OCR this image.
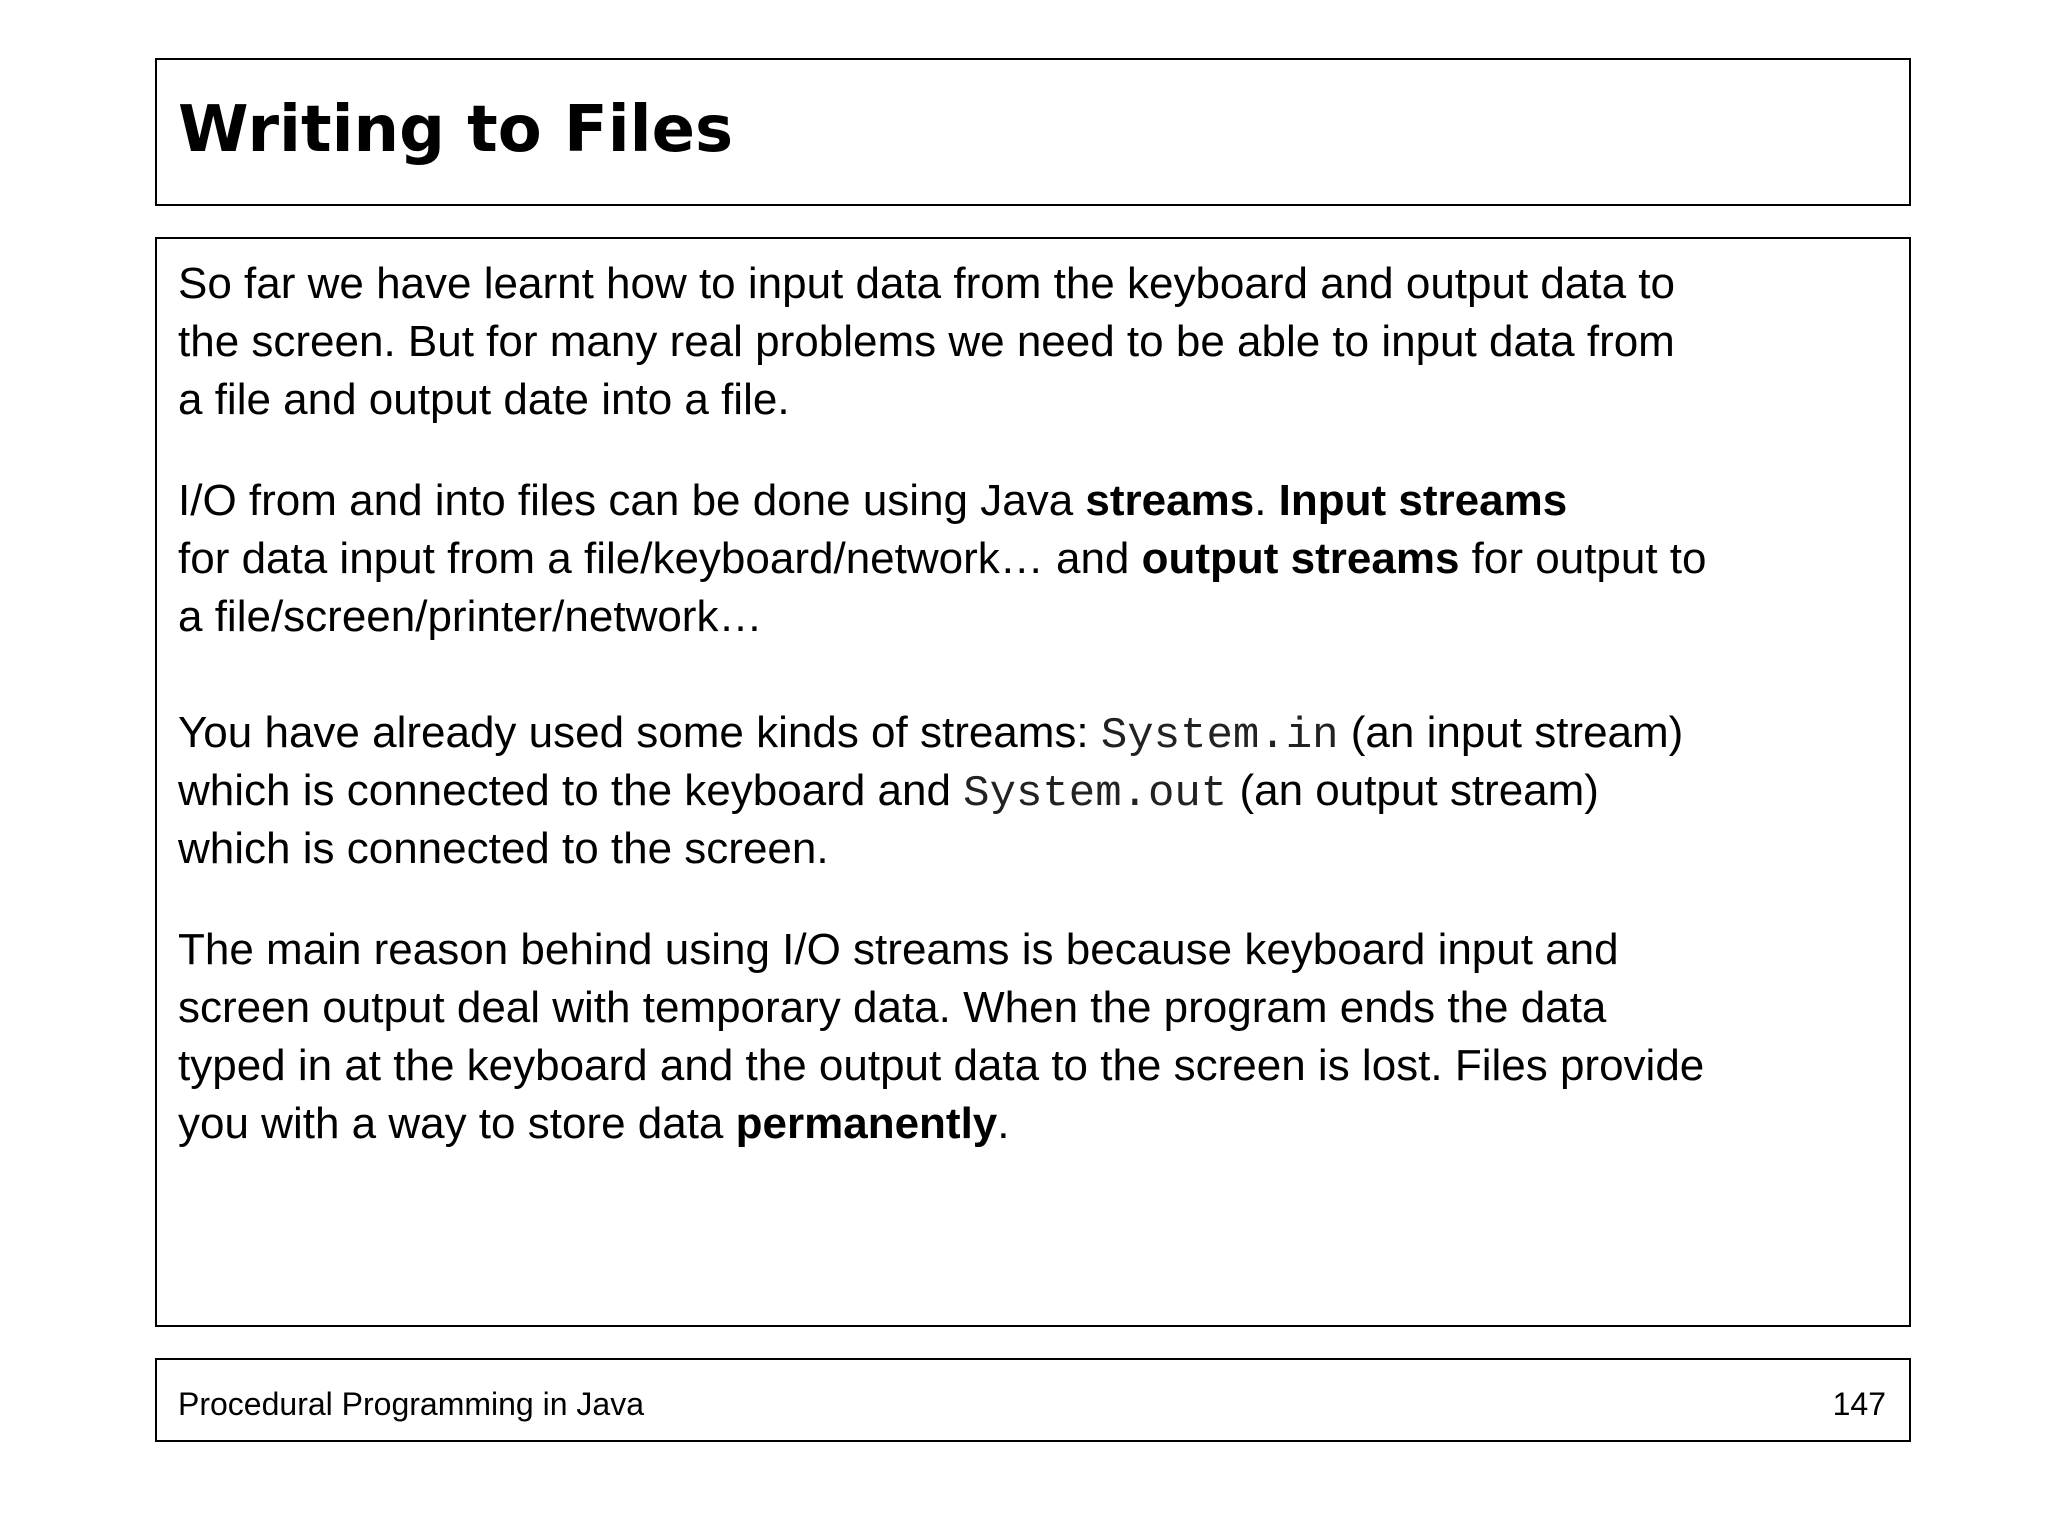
Writing to Files

So far we have learnt how to input data from the keyboard and output data to
the screen. But for many real problems we need to be able to input data from
a file and output date into a file.

I/O from and into files can be done using Java streams. Input streams
for data input from a file/keyboard/network… and output streams for output to
a file/screen/printer/network…

You have already used some kinds of streams: System.in (an input stream)
which is connected to the keyboard and System.out (an output stream)
which is connected to the screen.

The main reason behind using I/O streams is because keyboard input and
screen output deal with temporary data. When the program ends the data
typed in at the keyboard and the output data to the screen is lost. Files provide
you with a way to store data permanently.

Procedural Programming in Java	147
